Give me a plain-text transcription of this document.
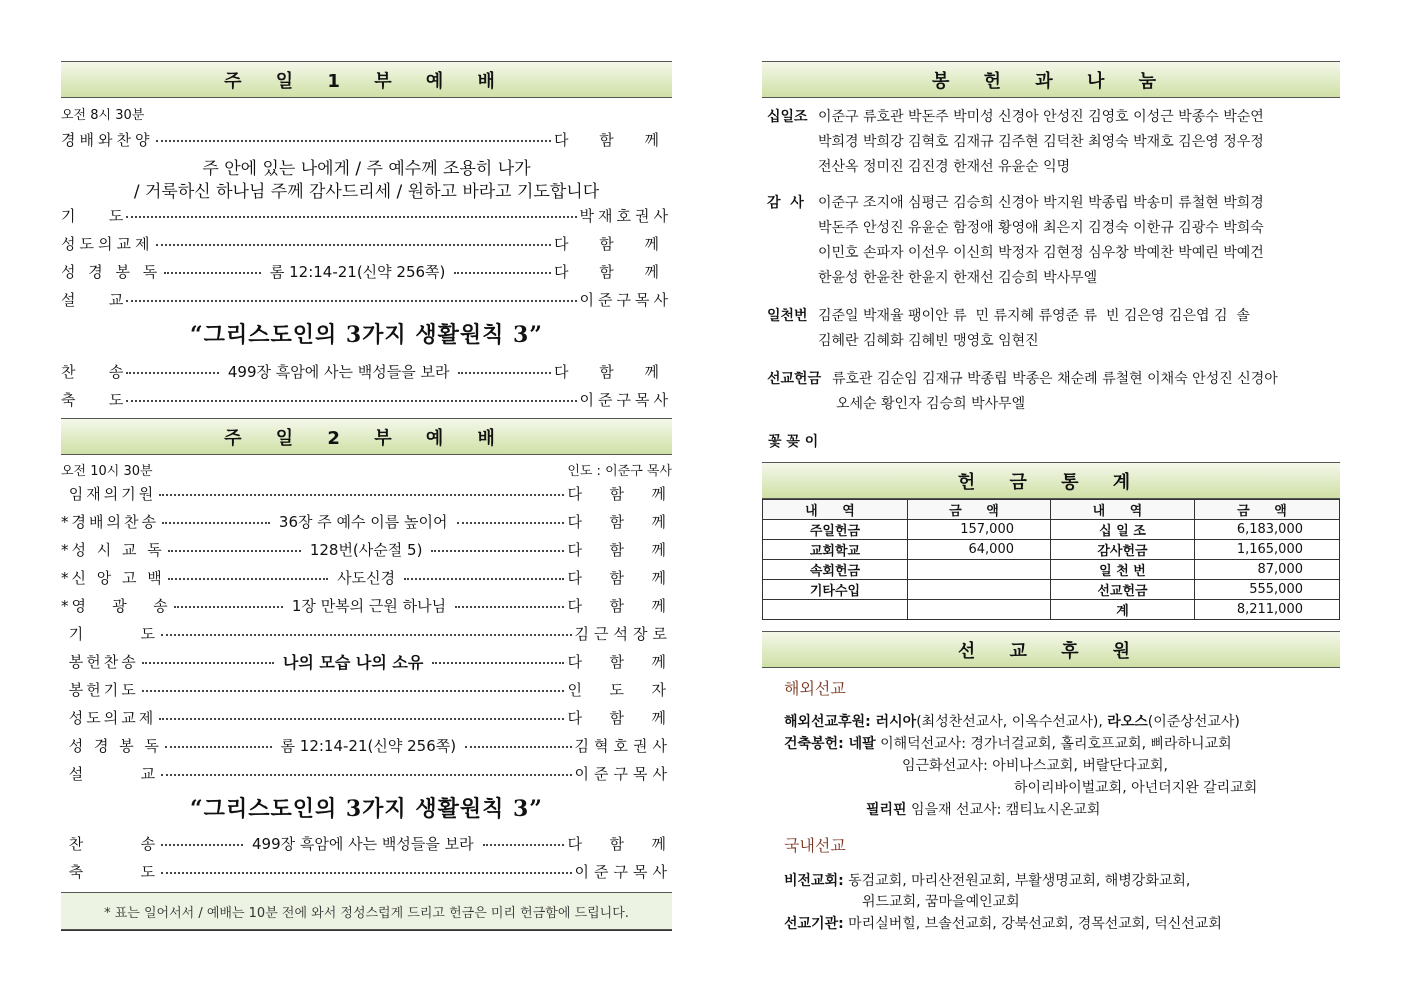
주 일 1 부 예 배
오전 8시 30분
경배와찬양	다 함 께
주 안에 있는 나에게 / 주 예수께 조용히 나가
/ 거룩하신 하나님 주께 감사드리세 / 원하고 바라고 기도합니다
기       도	박재호권사
성도의교제	다 함 께
성 경 봉 독	롬 12:14-21(신약 256쪽)	다 함 께
설       교	이준구목사
“그리스도인의 3가지 생활원칙 3”
찬       송	499장 흑암에 사는 백성들을 보라	다 함 께
축       도	이준구목사
주 일 2 부 예 배
오전 10시 30분	인도 : 이준구 목사
임재의기원	다  함  께
*경배의찬송	36장 주 예수 이름 높이어	다  함  께
*성 시 교 독	128번(사순절 5)	다  함  께
*신 앙 고 백	사도신경	다  함  께
*영   광   송	1장 만복의 근원 하나님	다  함  께
기       도	김근석장로
봉헌찬송	나의 모습 나의 소유	다  함  께
봉헌기도	인  도  자
성도의교제	다  함  께
성 경 봉 독	롬 12:14-21(신약 256쪽)	김혁호권사
설       교	이준구목사
찬       송	499장 흑암에 사는 백성들을 보라	다  함  께
축       도	이준구목사
“그리스도인의 3가지 생활원칙 3”
* 표는 일어서서 / 예배는 10분 전에 와서 정성스럽게 드리고 헌금은 미리 헌금함에 드립니다.
봉 헌 과 나 눔
십일조 이준구 류호관 박돈주 박미성 신경아 안성진 김영호 이성근 박종수 박순연
박희경 박희강 김혁호 김재규 김주현 김덕찬 최영숙 박재호 김은영 정우정
전산옥 정미진 김진경 한재선 유윤순 익명
감  사 이준구 조지애 심평근 김승희 신경아 박지원 박종립 박송미 류철현 박희경
박돈주 안성진 유윤순 함정애 황영애 최은지 김경숙 이한규 김광수 박희숙
이민호 손파자 이선우 이신희 박정자 김현정 심우창 박예찬 박예린 박예건
한윤성 한윤찬 한윤지 한재선 김승희 박사무엘
일천번 김준일 박재율 팽이안 류  민 류지혜 류영준 류  빈 김은영 김은엽 김  솔
김혜란 김혜화 김혜빈 맹영호 임현진
선교헌금 류호관 김순임 김재규 박종립 박종은 채순례 류철현 이채숙 안성진 신경아
오세순 황인자 김승희 박사무엘
꽃 꽂 이
헌 금 통 계
내 역	금 액	내 역	금 액
주일헌금	157,000	십 일 조	6,183,000
교회학교	64,000	감사헌금	1,165,000
속회헌금		일 천 번	87,000
기타수입		선교헌금	555,000
		계	8,211,000
선 교 후 원
해외선교
해외선교후원: 러시아(최성찬선교사, 이옥수선교사), 라오스(이준상선교사)
건축봉헌: 네팔 이해덕선교사: 경가너걸교회, 홀리호프교회, 삐라하니교회
임근화선교사: 아비나스교회, 버랄단다교회,
하이리바이벌교회, 아넌더지완 갈리교회
필리핀 임을재 선교사: 캠티뇨시온교회
국내선교
비전교회: 동검교회, 마리산전원교회, 부활생명교회, 해병강화교회,
위드교회, 꿈마을예인교회
선교기관: 마리실버힐, 브솔선교회, 강북선교회, 경목선교회, 덕신선교회
